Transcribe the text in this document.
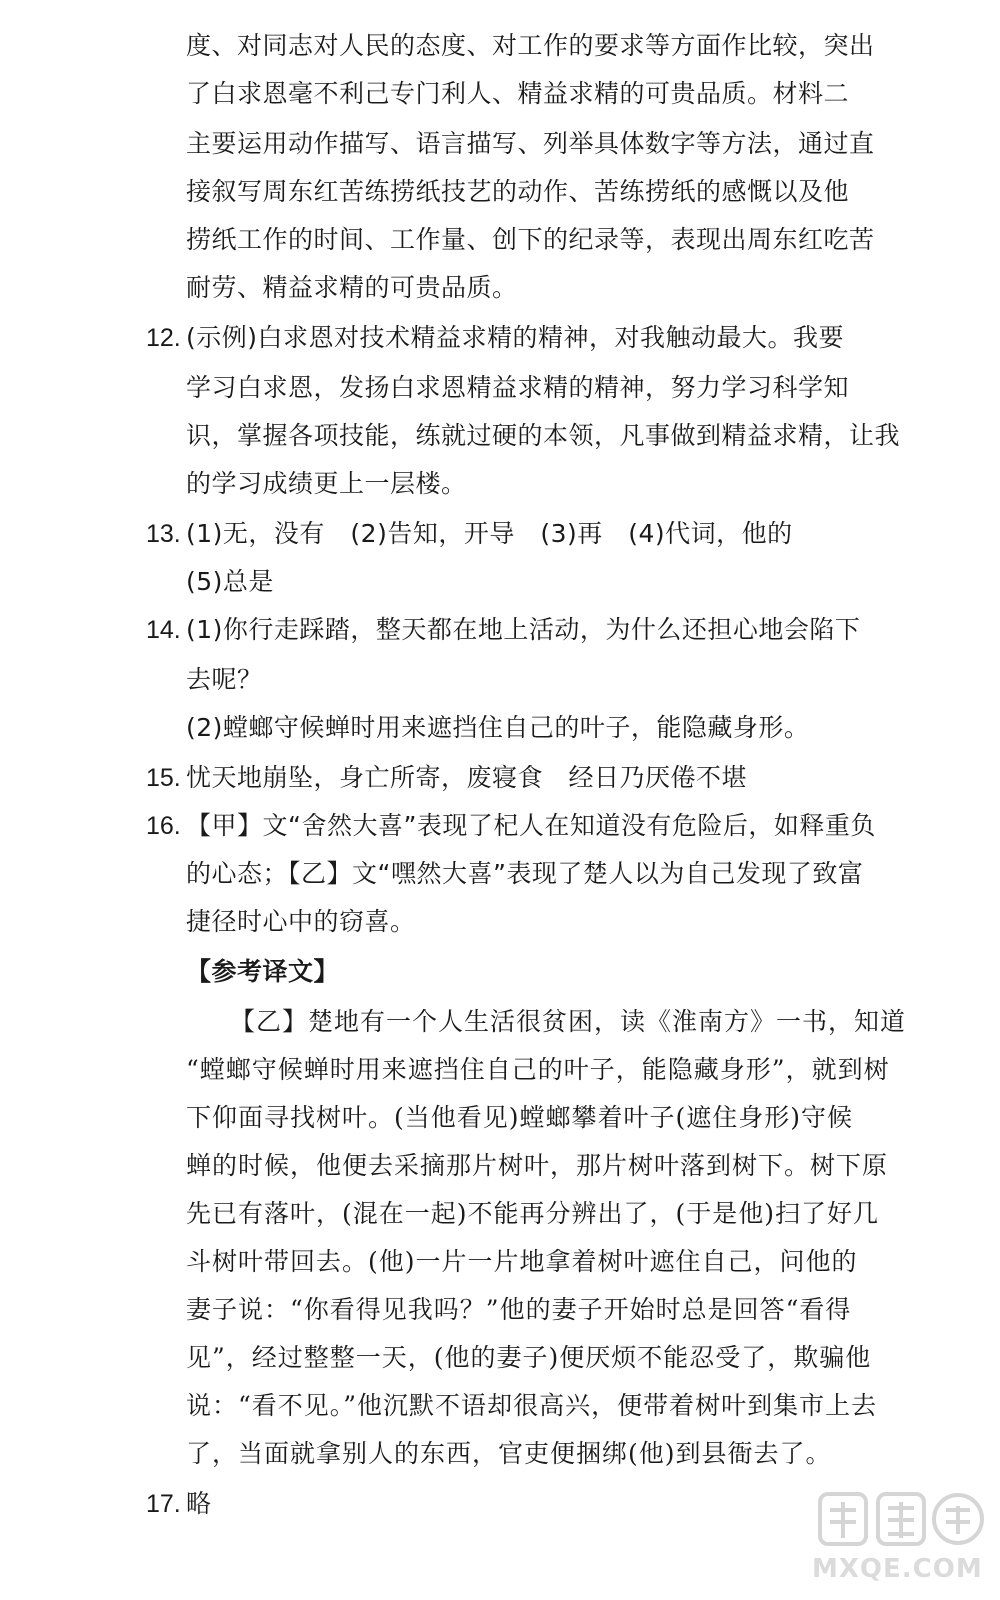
度、对同志对人民的态度、对工作的要求等方面作比较，突出
了白求恩毫不利己专门利人、精益求精的可贵品质。材料二
主要运用动作描写、语言描写、列举具体数字等方法，通过直
接叙写周东红苦练捞纸技艺的动作、苦练捞纸的感慨以及他
捞纸工作的时间、工作量、创下的纪录等，表现出周东红吃苦
耐劳、精益求精的可贵品质。
12. (示例)白求恩对技术精益求精的精神，对我触动最大。我要
学习白求恩，发扬白求恩精益求精的精神，努力学习科学知
识，掌握各项技能，练就过硬的本领，凡事做到精益求精，让我
的学习成绩更上一层楼。
13. (1)无，没有　(2)告知，开导　(3)再　(4)代词，他的
(5)总是
14. (1)你行走踩踏，整天都在地上活动，为什么还担心地会陷下
去呢？
(2)螳螂守候蝉时用来遮挡住自己的叶子，能隐藏身形。
15. 忧天地崩坠，身亡所寄，废寝食　经日乃厌倦不堪
16. 【甲】文“舍然大喜”表现了杞人在知道没有危险后，如释重负
的心态；【乙】文“嘿然大喜”表现了楚人以为自己发现了致富
捷径时心中的窃喜。
【参考译文】
【乙】楚地有一个人生活很贫困，读《淮南方》一书，知道
“螳螂守候蝉时用来遮挡住自己的叶子，能隐藏身形”，就到树
下仰面寻找树叶。(当他看见)螳螂攀着叶子(遮住身形)守候
蝉的时候，他便去采摘那片树叶，那片树叶落到树下。树下原
先已有落叶，(混在一起)不能再分辨出了，(于是他)扫了好几
斗树叶带回去。(他)一片一片地拿着树叶遮住自己，问他的
妻子说：“你看得见我吗？”他的妻子开始时总是回答“看得
见”，经过整整一天，(他的妻子)便厌烦不能忍受了，欺骗他
说：“看不见。”他沉默不语却很高兴，便带着树叶到集市上去
了，当面就拿别人的东西，官吏便捆绑(他)到县衙去了。
17. 略
MXQE.COM
